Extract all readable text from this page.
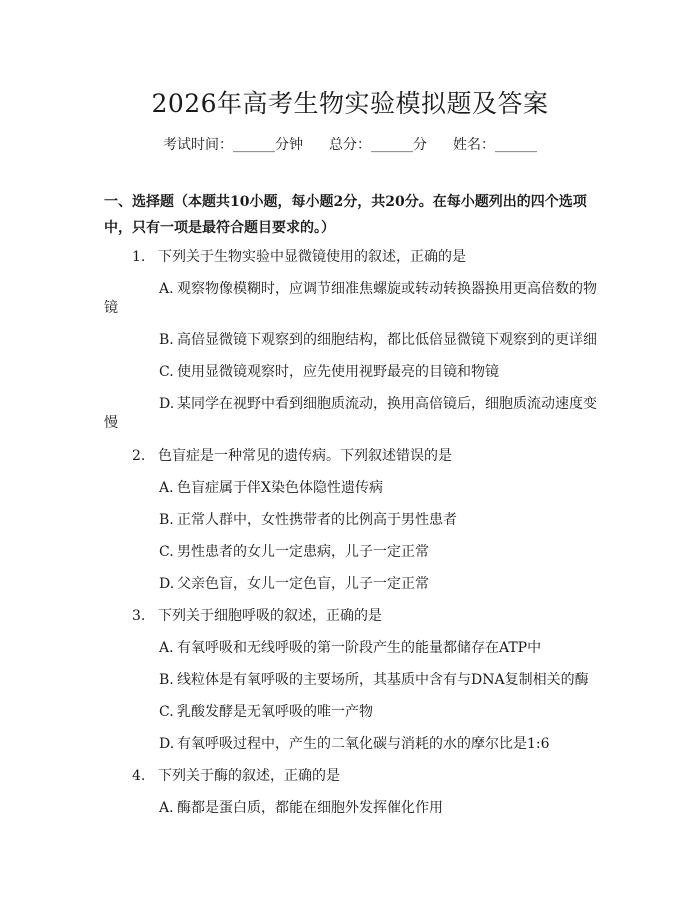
2026年高考生物实验模拟题及答案
考试时间：______分钟 总分：______分 姓名：______
一、选择题（本题共10小题，每小题2分，共20分。在每小题列出的四个选项中，只有一项是最符合题目要求的。）
1. 下列关于生物实验中显微镜使用的叙述，正确的是
A. 观察物像模糊时，应调节细准焦螺旋或转动转换器换用更高倍数的物
镜
B. 高倍显微镜下观察到的细胞结构，都比低倍显微镜下观察到的更详细
C. 使用显微镜观察时，应先使用视野最亮的目镜和物镜
D. 某同学在视野中看到细胞质流动，换用高倍镜后，细胞质流动速度变
慢
2. 色盲症是一种常见的遗传病。下列叙述错误的是
A. 色盲症属于伴X染色体隐性遗传病
B. 正常人群中，女性携带者的比例高于男性患者
C. 男性患者的女儿一定患病，儿子一定正常
D. 父亲色盲，女儿一定色盲，儿子一定正常
3. 下列关于细胞呼吸的叙述，正确的是
A. 有氧呼吸和无线呼吸的第一阶段产生的能量都储存在ATP中
B. 线粒体是有氧呼吸的主要场所，其基质中含有与DNA复制相关的酶
C. 乳酸发酵是无氧呼吸的唯一产物
D. 有氧呼吸过程中，产生的二氧化碳与消耗的水的摩尔比是1:6
4. 下列关于酶的叙述，正确的是
A. 酶都是蛋白质，都能在细胞外发挥催化作用
